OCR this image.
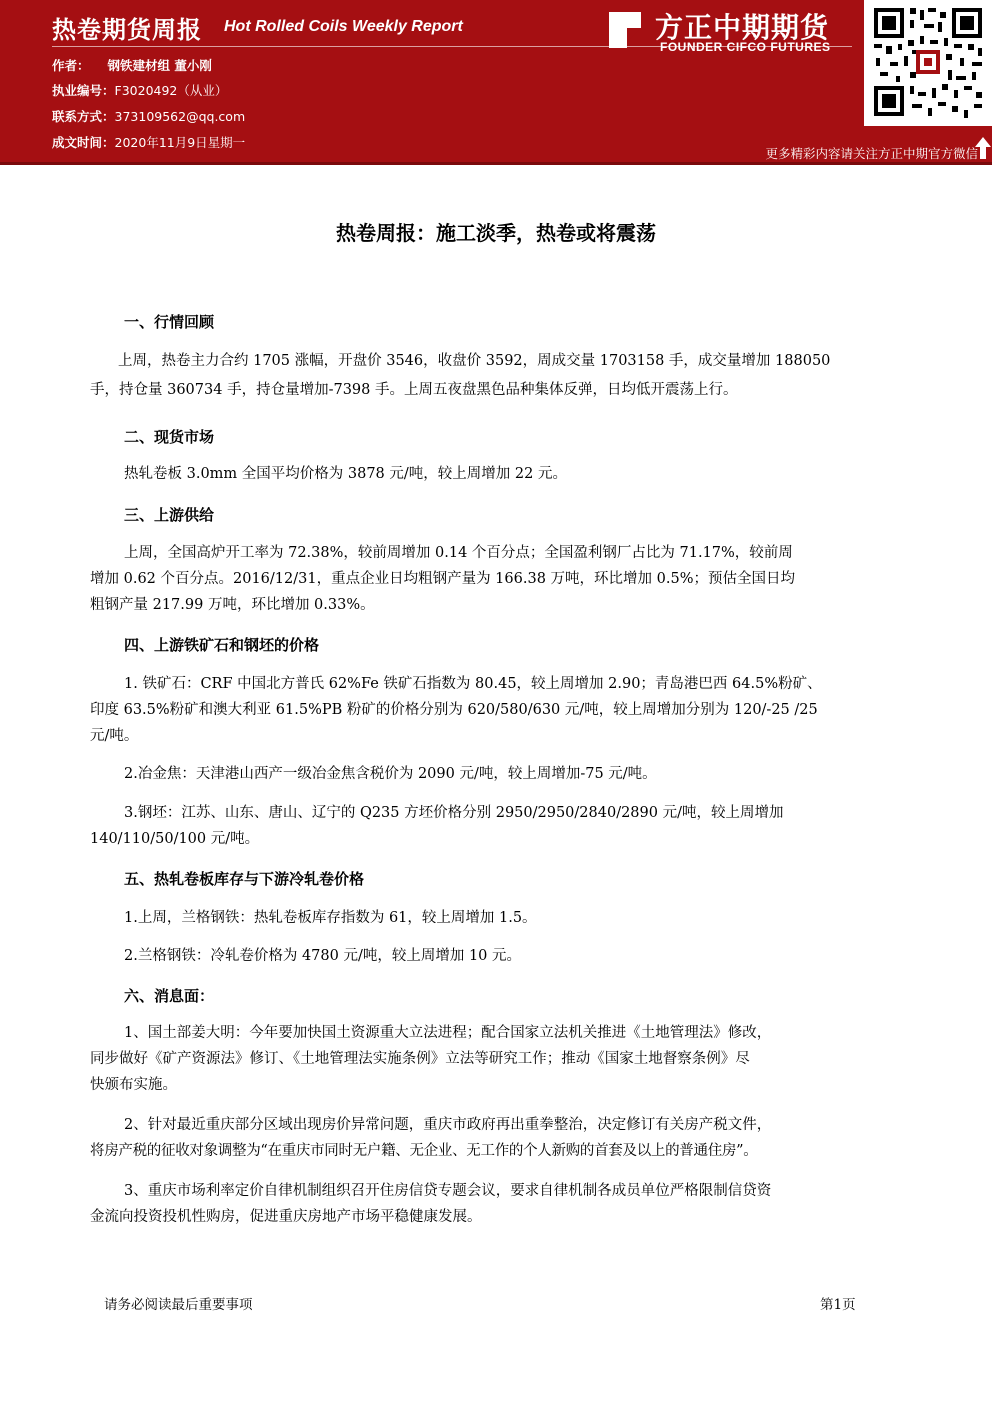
热卷期货周报 Hot Rolled Coils Weekly Report
作者： 钢铁建材组 董小刚
执业编号：F3020492（从业）
联系方式：373109562@qq.com
成文时间：2020年11月9日星期一
方正中期期货
FOUNDER CIFCO FUTURES
更多精彩内容请关注方正中期官方微信
热卷周报：施工淡季，热卷或将震荡
一、行情回顾
上周，热卷主力合约 1705 涨幅，开盘价 3546，收盘价 3592，周成交量 1703158 手，成交量增加 188050
手，持仓量 360734 手，持仓量增加-7398 手。上周五夜盘黑色品种集体反弹，日均低开震荡上行。
二、现货市场
热轧卷板 3.0mm 全国平均价格为 3878 元/吨，较上周增加 22 元。
三、上游供给
上周，全国高炉开工率为 72.38%，较前周增加 0.14 个百分点；全国盈利钢厂占比为 71.17%，较前周
增加 0.62 个百分点。2016/12/31，重点企业日均粗钢产量为 166.38 万吨，环比增加 0.5%；预估全国日均
粗钢产量 217.99 万吨，环比增加 0.33%。
四、上游铁矿石和钢坯的价格
1. 铁矿石：CRF 中国北方普氏 62%Fe 铁矿石指数为 80.45，较上周增加 2.90；青岛港巴西 64.5%粉矿、
印度 63.5%粉矿和澳大利亚 61.5%PB 粉矿的价格分别为 620/580/630 元/吨，较上周增加分别为 120/-25 /25
元/吨。
2.冶金焦：天津港山西产一级冶金焦含税价为 2090 元/吨，较上周增加-75 元/吨。
3.钢坯：江苏、山东、唐山、辽宁的 Q235 方坯价格分别 2950/2950/2840/2890 元/吨，较上周增加
140/110/50/100 元/吨。
五、热轧卷板库存与下游冷轧卷价格
1.上周，兰格钢铁：热轧卷板库存指数为 61，较上周增加 1.5。
2.兰格钢铁：冷轧卷价格为 4780 元/吨，较上周增加 10 元。
六、消息面：
1、国土部姜大明：今年要加快国土资源重大立法进程；配合国家立法机关推进《土地管理法》修改，
同步做好《矿产资源法》修订、《土地管理法实施条例》立法等研究工作；推动《国家土地督察条例》尽
快颁布实施。
2、针对最近重庆部分区域出现房价异常问题，重庆市政府再出重拳整治，决定修订有关房产税文件，
将房产税的征收对象调整为“在重庆市同时无户籍、无企业、无工作的个人新购的首套及以上的普通住房”。
3、重庆市场利率定价自律机制组织召开住房信贷专题会议，要求自律机制各成员单位严格限制信贷资
金流向投资投机性购房，促进重庆房地产市场平稳健康发展。
请务必阅读最后重要事项	第1页
